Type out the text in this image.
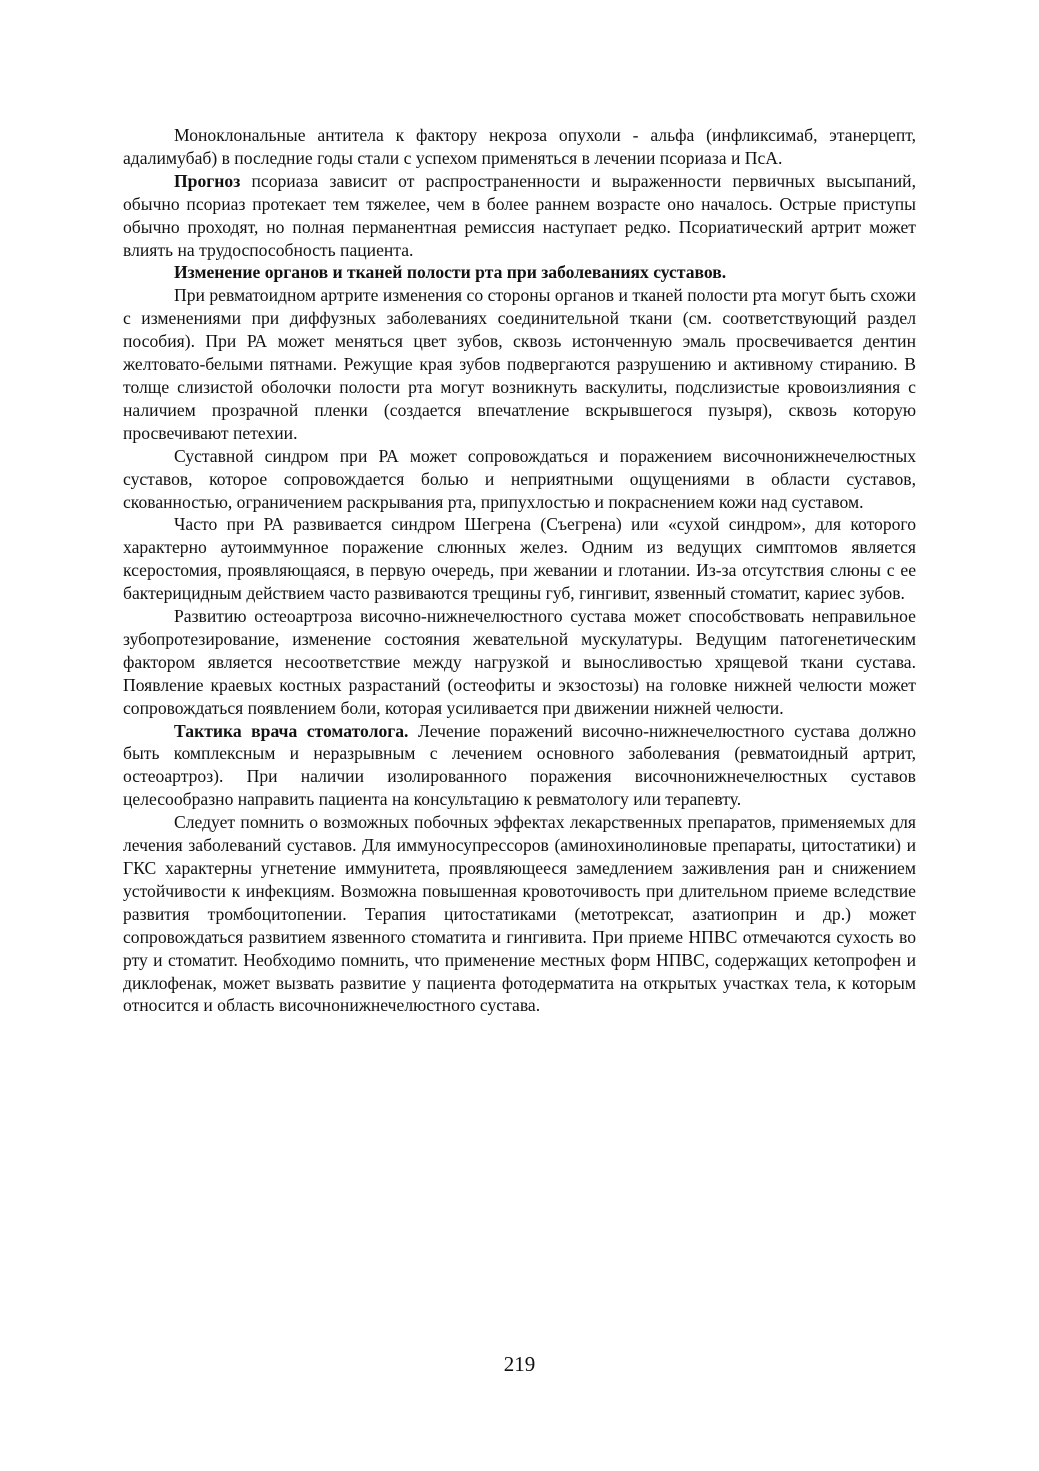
Моноклональные антитела к фактору некроза опухоли - альфа (инфликсимаб, этанерцепт, адалимубаб) в последние годы стали с успехом применяться в лечении псориаза и ПсА.

Прогноз псориаза зависит от распространенности и выраженности первичных высыпаний, обычно псориаз протекает тем тяжелее, чем в более раннем возрасте оно началось. Острые приступы обычно проходят, но полная перманентная ремиссия наступает редко. Псориатический артрит может влиять на трудоспособность пациента.

Изменение органов и тканей полости рта при заболеваниях суставов.

При ревматоидном артрите изменения со стороны органов и тканей полости рта могут быть схожи с изменениями при диффузных заболеваниях соединительной ткани (см. соответствующий раздел пособия). При РА может меняться цвет зубов, сквозь истонченную эмаль просвечивается дентин желтовато-белыми пятнами. Режущие края зубов подвергаются разрушению и активному стиранию. В толще слизистой оболочки полости рта могут возникнуть васкулиты, подслизистые кровоизлияния с наличием прозрачной пленки (создается впечатление вскрывшегося пузыря), сквозь которую просвечивают петехии.

Суставной синдром при РА может сопровождаться и поражением височнонижнечелюстных суставов, которое сопровождается болью и неприятными ощущениями в области суставов, скованностью, ограничением раскрывания рта, припухлостью и покраснением кожи над суставом.

Часто при РА развивается синдром Шегрена (Съегрена) или «сухой синдром», для которого характерно аутоиммунное поражение слюнных желез. Одним из ведущих симптомов является ксеростомия, проявляющаяся, в первую очередь, при жевании и глотании. Из-за отсутствия слюны с ее бактерицидным действием часто развиваются трещины губ, гингивит, язвенный стоматит, кариес зубов.

Развитию остеоартроза височно-нижнечелюстного сустава может способствовать неправильное зубопротезирование, изменение состояния жевательной мускулатуры. Ведущим патогенетическим фактором является несоответствие между нагрузкой и выносливостью хрящевой ткани сустава. Появление краевых костных разрастаний (остеофиты и экзостозы) на головке нижней челюсти может сопровождаться появлением боли, которая усиливается при движении нижней челюсти.

Тактика врача стоматолога. Лечение поражений височно-нижнечелюстного сустава должно быть комплексным и неразрывным с лечением основного заболевания (ревматоидный артрит, остеоартроз). При наличии изолированного поражения височнонижнечелюстных суставов целесообразно направить пациента на консультацию к ревматологу или терапевту.

Следует помнить о возможных побочных эффектах лекарственных препаратов, применяемых для лечения заболеваний суставов. Для иммуносупрессоров (аминохинолиновые препараты, цитостатики) и ГКС характерны угнетение иммунитета, проявляющееся замедлением заживления ран и снижением устойчивости к инфекциям. Возможна повышенная кровоточивость при длительном приеме вследствие развития тромбоцитопении. Терапия цитостатиками (метотрексат, азатиоприн и др.) может сопровождаться развитием язвенного стоматита и гингивита. При приеме НПВС отмечаются сухость во рту и стоматит. Необходимо помнить, что применение местных форм НПВС, содержащих кетопрофен и диклофенак, может вызвать развитие у пациента фотодерматита на открытых участках тела, к которым относится и область височнонижнечелюстного сустава.

219
